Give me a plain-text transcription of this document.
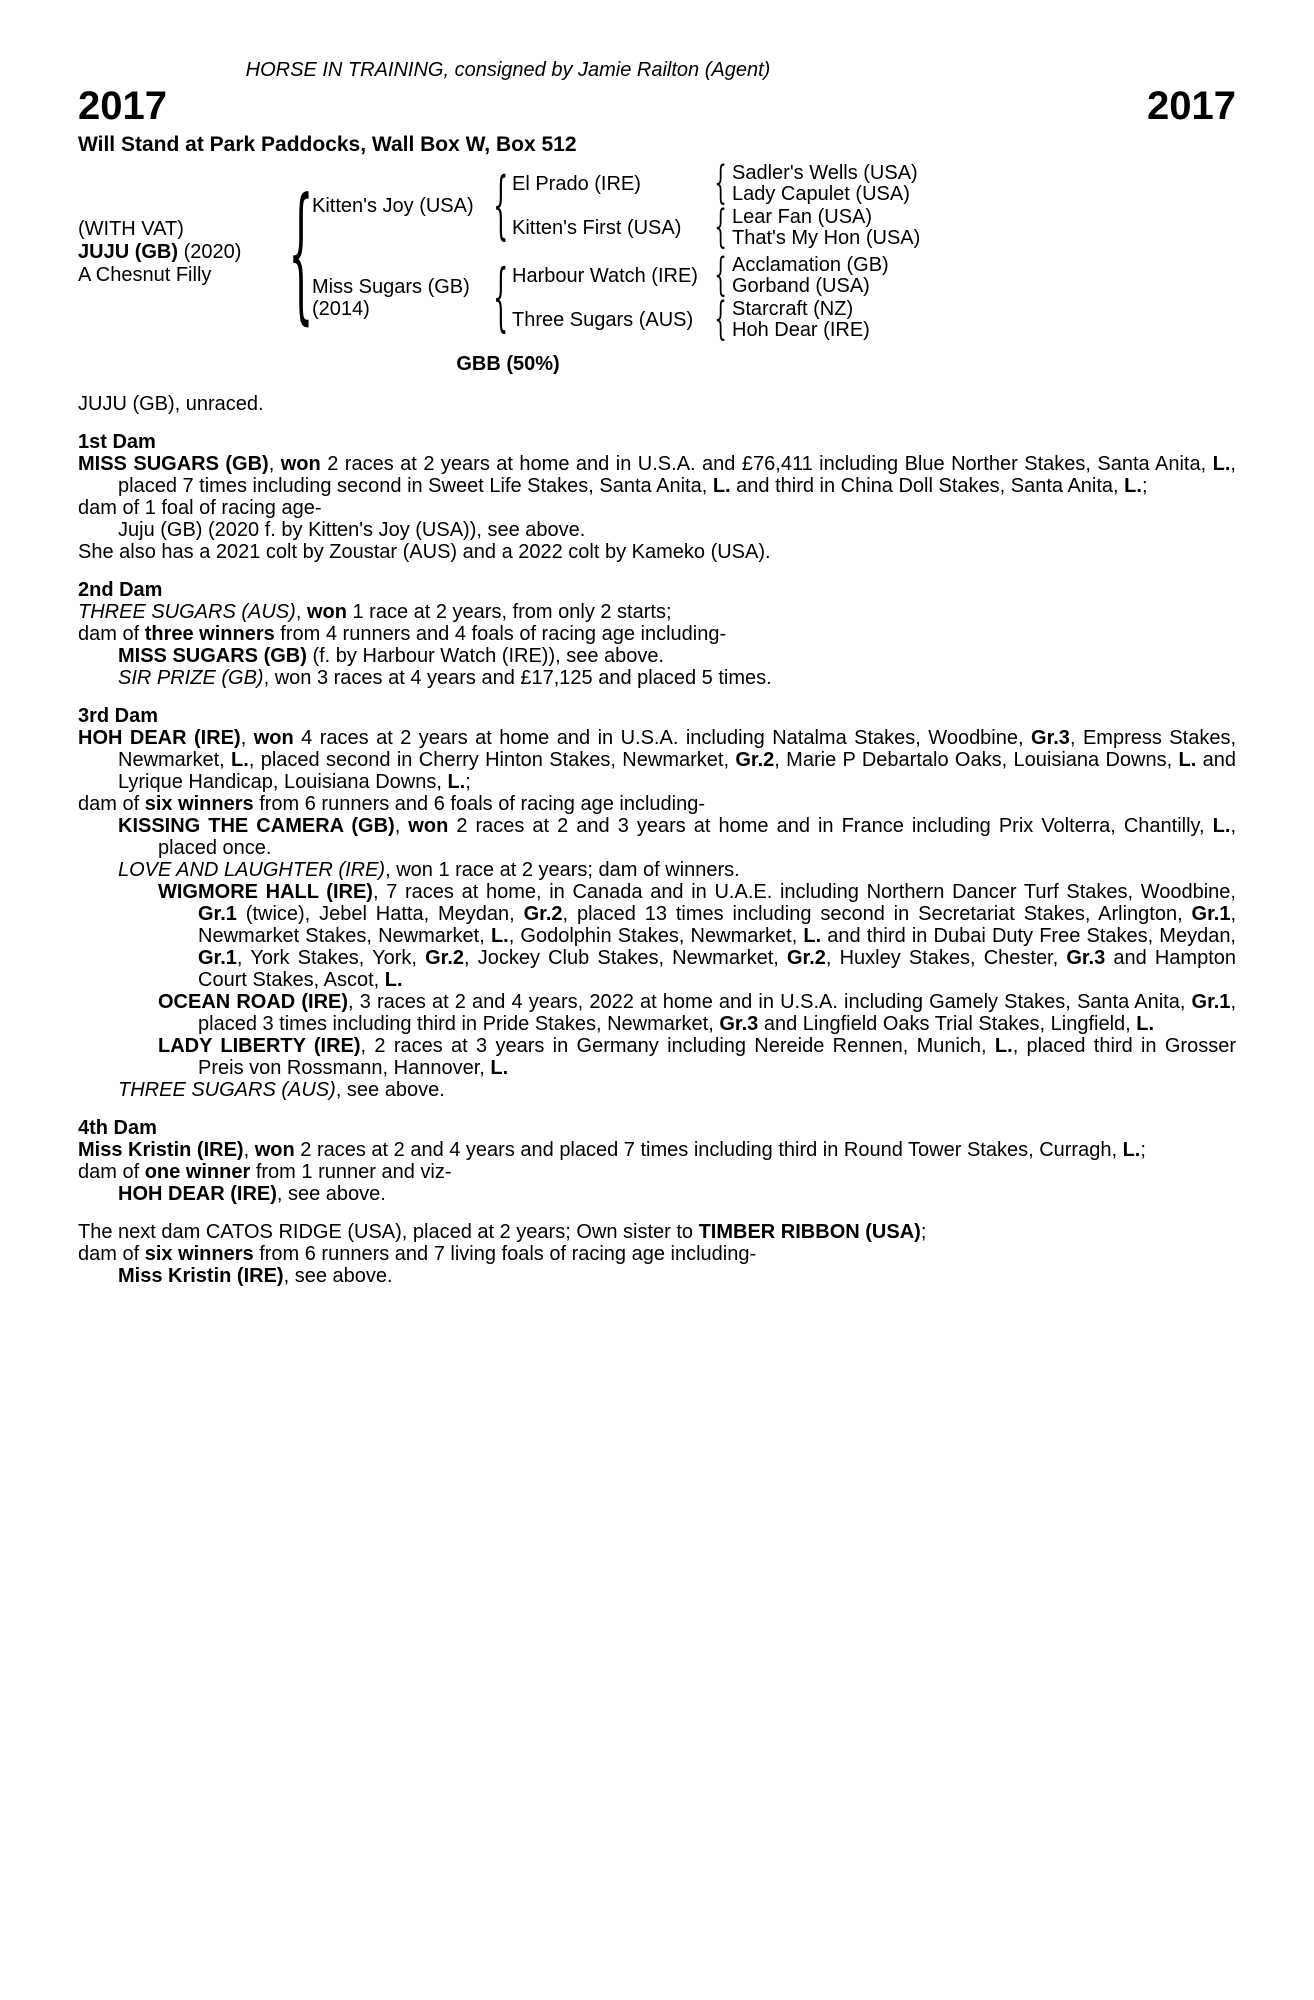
HORSE IN TRAINING, consigned by Jamie Railton (Agent)
2017	2017
Will Stand at Park Paddocks, Wall Box W, Box 512
(WITH VAT)
JUJU (GB) (2020)
A Chesnut Filly	{
Kitten's Joy (USA) { El Prado (IRE)	{ Sadler's Wells (USA)
Lady Capulet (USA)
Kitten's First (USA)	{ Lear Fan (USA)
That's My Hon (USA)
Miss Sugars (GB)
(2014)	{ Harbour Watch (IRE) { Acclamation (GB)
Gorband (USA)
Three Sugars (AUS) { Starcraft (NZ)
Hoh Dear (IRE)
GBB (50%)

JUJU (GB), unraced.

1st Dam

MISS SUGARS (GB), won 2 races at 2 years at home and in U.S.A. and £76,411 including Blue Norther Stakes, Santa Anita, L., placed 7 times including second in Sweet Life Stakes, Santa Anita, L. and third in China Doll Stakes, Santa Anita, L.;

dam of 1 foal of racing age-

Juju (GB) (2020 f. by Kitten's Joy (USA)), see above.

She also has a 2021 colt by Zoustar (AUS) and a 2022 colt by Kameko (USA).

2nd Dam

THREE SUGARS (AUS), won 1 race at 2 years, from only 2 starts;

dam of three winners from 4 runners and 4 foals of racing age including-

MISS SUGARS (GB) (f. by Harbour Watch (IRE)), see above.

SIR PRIZE (GB), won 3 races at 4 years and £17,125 and placed 5 times.

3rd Dam

HOH DEAR (IRE), won 4 races at 2 years at home and in U.S.A. including Natalma Stakes, Woodbine, Gr.3, Empress Stakes, Newmarket, L., placed second in Cherry Hinton Stakes, Newmarket, Gr.2, Marie P Debartalo Oaks, Louisiana Downs, L. and Lyrique Handicap, Louisiana Downs, L.;

dam of six winners from 6 runners and 6 foals of racing age including-

KISSING THE CAMERA (GB), won 2 races at 2 and 3 years at home and in France including Prix Volterra, Chantilly, L., placed once.

LOVE AND LAUGHTER (IRE), won 1 race at 2 years; dam of winners.

WIGMORE HALL (IRE), 7 races at home, in Canada and in U.A.E. including Northern Dancer Turf Stakes, Woodbine, Gr.1 (twice), Jebel Hatta, Meydan, Gr.2, placed 13 times including second in Secretariat Stakes, Arlington, Gr.1, Newmarket Stakes, Newmarket, L., Godolphin Stakes, Newmarket, L. and third in Dubai Duty Free Stakes, Meydan, Gr.1, York Stakes, York, Gr.2, Jockey Club Stakes, Newmarket, Gr.2, Huxley Stakes, Chester, Gr.3 and Hampton Court Stakes, Ascot, L.

OCEAN ROAD (IRE), 3 races at 2 and 4 years, 2022 at home and in U.S.A. including Gamely Stakes, Santa Anita, Gr.1, placed 3 times including third in Pride Stakes, Newmarket, Gr.3 and Lingfield Oaks Trial Stakes, Lingfield, L.

LADY LIBERTY (IRE), 2 races at 3 years in Germany including Nereide Rennen, Munich, L., placed third in Grosser Preis von Rossmann, Hannover, L.

THREE SUGARS (AUS), see above.

4th Dam

Miss Kristin (IRE), won 2 races at 2 and 4 years and placed 7 times including third in Round Tower Stakes, Curragh, L.;

dam of one winner from 1 runner and viz-

HOH DEAR (IRE), see above.

The next dam CATOS RIDGE (USA), placed at 2 years; Own sister to TIMBER RIBBON (USA);

dam of six winners from 6 runners and 7 living foals of racing age including-

Miss Kristin (IRE), see above.
